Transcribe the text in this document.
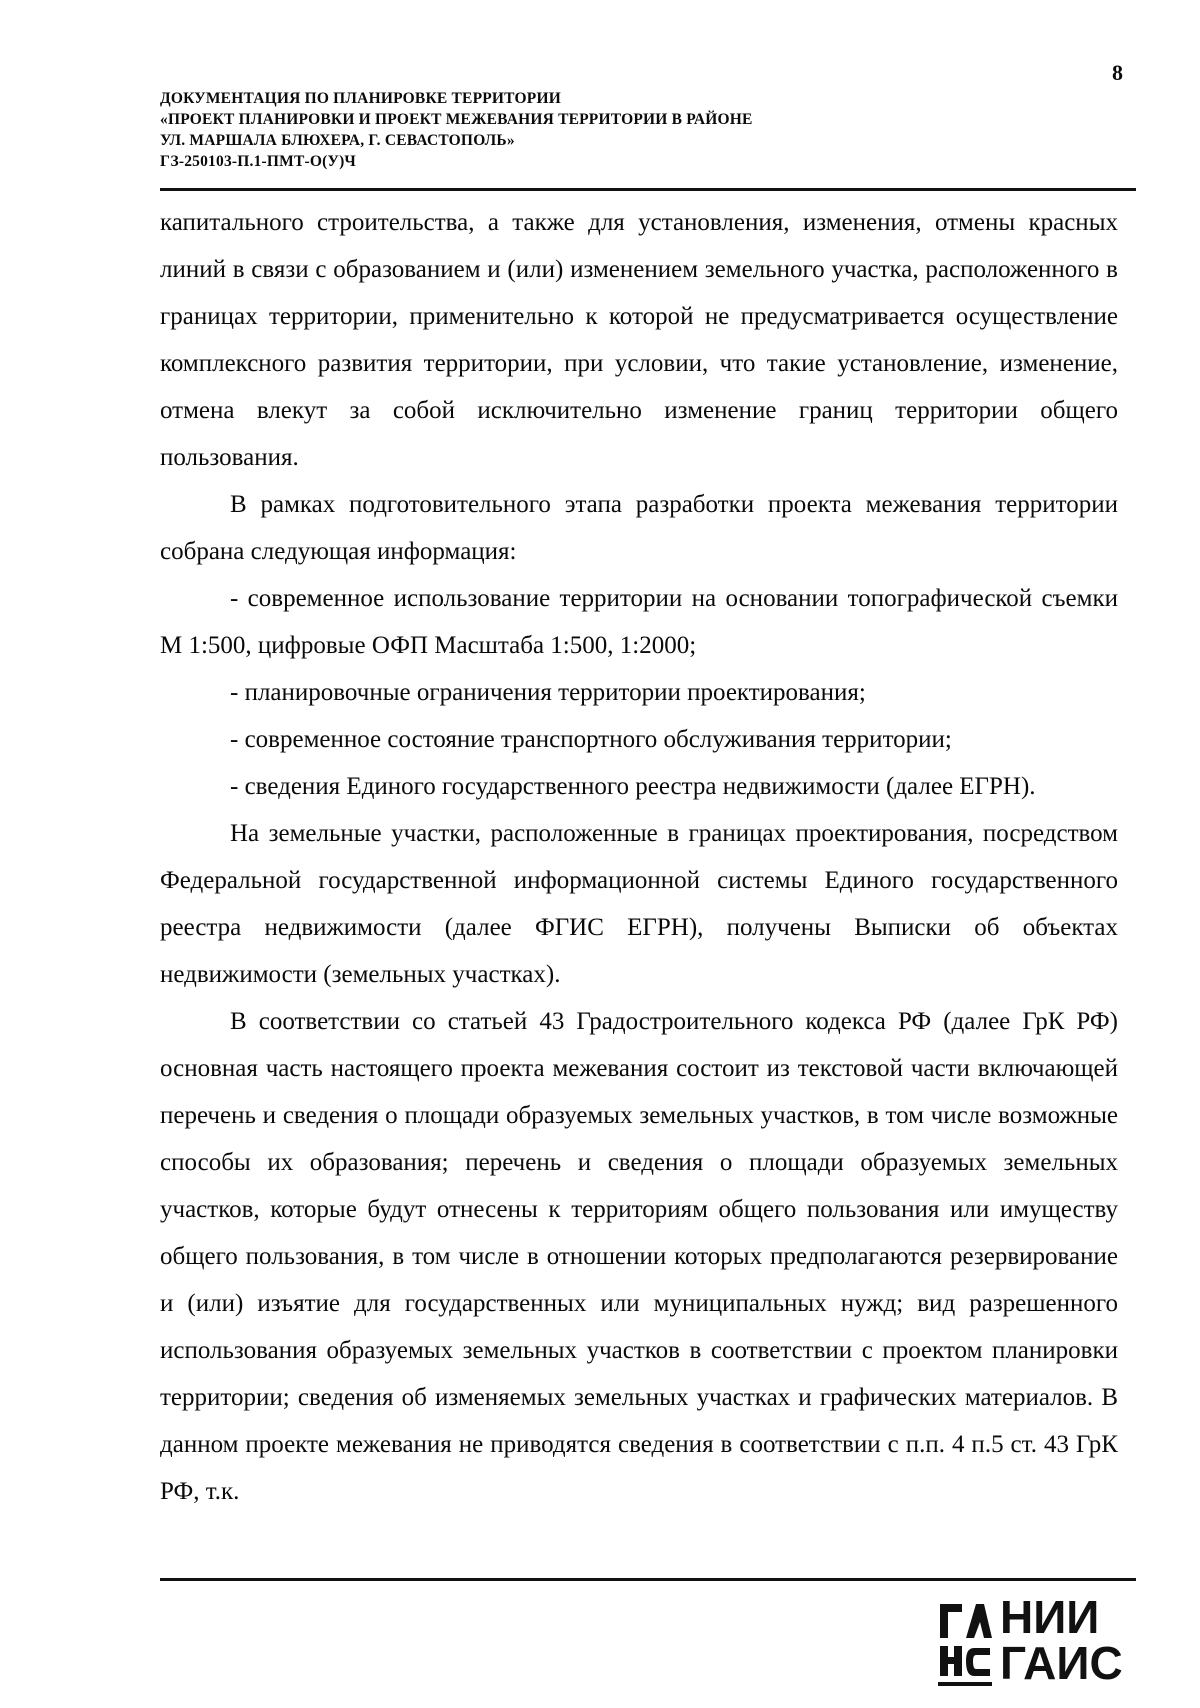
8
ДОКУМЕНТАЦИЯ ПО ПЛАНИРОВКЕ ТЕРРИТОРИИ
«ПРОЕКТ ПЛАНИРОВКИ И ПРОЕКТ МЕЖЕВАНИЯ ТЕРРИТОРИИ В РАЙОНЕ
УЛ. МАРШАЛА БЛЮХЕРА, Г. СЕВАСТОПОЛЬ»
ГЗ-250103-П.1-ПМТ-О(У)Ч

капитального строительства, а также для установления, изменения, отмены красных линий в связи с образованием и (или) изменением земельного участка, расположенного в границах территории, применительно к которой не предусматривается осуществление комплексного развития территории, при условии, что такие установление, изменение, отмена влекут за собой исключительно изменение границ территории общего пользования.

В рамках подготовительного этапа разработки проекта межевания территории собрана следующая информация:

- современное использование территории на основании топографической съемки М 1:500, цифровые ОФП Масштаба 1:500, 1:2000;

- планировочные ограничения территории проектирования;

- современное состояние транспортного обслуживания территории;

- сведения Единого государственного реестра недвижимости (далее ЕГРН).

На земельные участки, расположенные в границах проектирования, посредством Федеральной государственной информационной системы Единого государственного реестра недвижимости (далее ФГИС ЕГРН), получены Выписки об объектах недвижимости (земельных участках).

В соответствии со статьей 43 Градостроительного кодекса РФ (далее ГрК РФ) основная часть настоящего проекта межевания состоит из текстовой части включающей перечень и сведения о площади образуемых земельных участков, в том числе возможные способы их образования; перечень и сведения о площади образуемых земельных участков, которые будут отнесены к территориям общего пользования или имуществу общего пользования, в том числе в отношении которых предполагаются резервирование и (или) изъятие для государственных или муниципальных нужд; вид разрешенного использования образуемых земельных участков в соответствии с проектом планировки территории; сведения об изменяемых земельных участках и графических материалов. В данном проекте межевания не приводятся сведения в соответствии с п.п. 4 п.5 ст. 43 ГрК РФ, т.к.

НИИ
ГАИС
